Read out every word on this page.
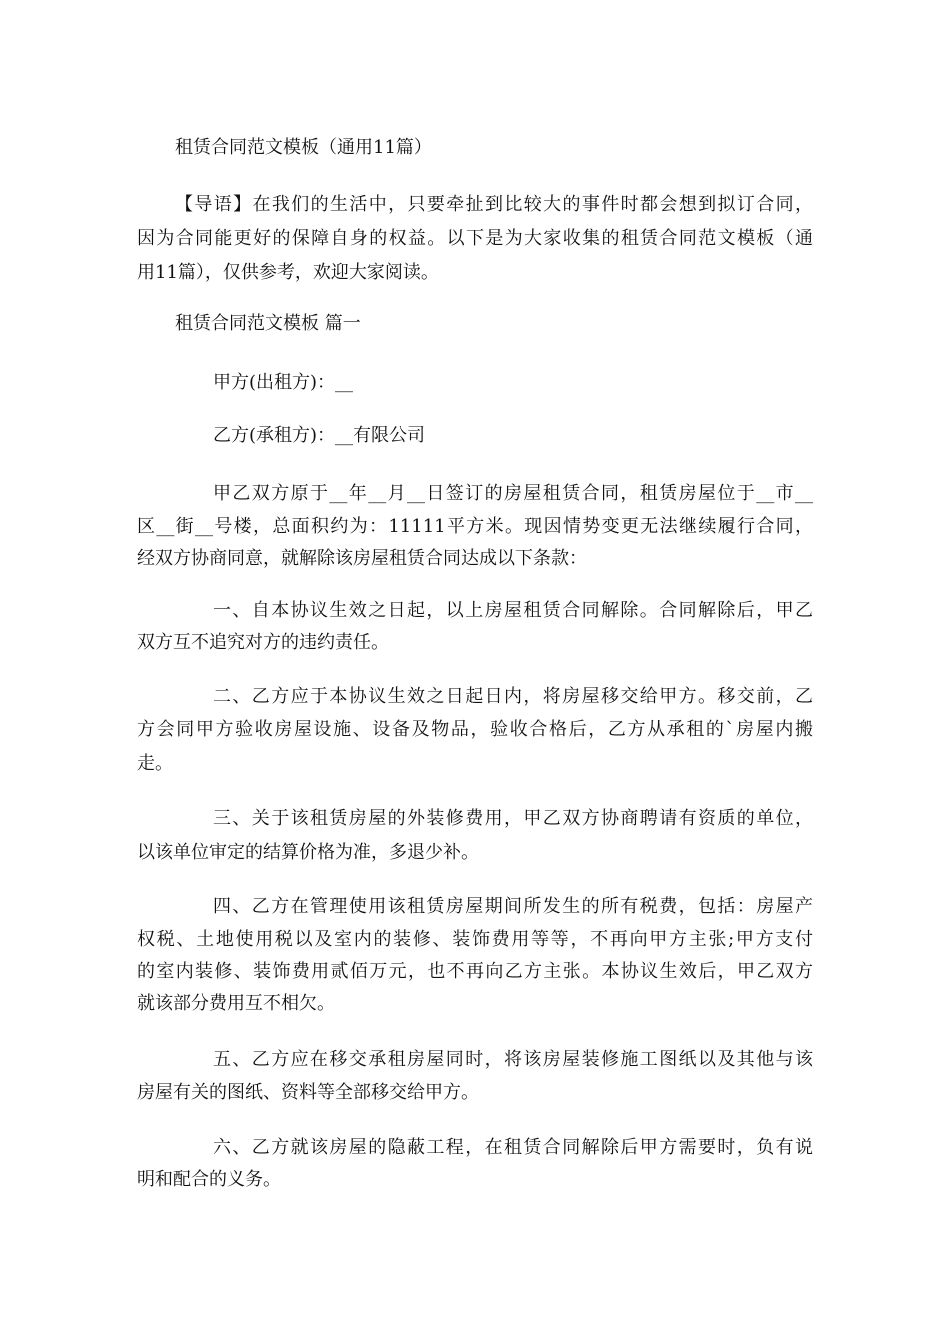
租赁合同范文模板（通用11篇）
【导语】在我们的生活中，只要牵扯到比较大的事件时都会想到拟订合同，
因为合同能更好的保障自身的权益。以下是为大家收集的租赁合同范文模板（通
用11篇），仅供参考，欢迎大家阅读。
租赁合同范文模板 篇一
甲方(出租方)：__
乙方(承租方)：__有限公司
甲乙双方原于__年__月__日签订的房屋租赁合同，租赁房屋位于__市__
区__街__号楼，总面积约为：11111平方米。现因情势变更无法继续履行合同，
经双方协商同意，就解除该房屋租赁合同达成以下条款：
一、自本协议生效之日起，以上房屋租赁合同解除。合同解除后，甲乙
双方互不追究对方的违约责任。
二、乙方应于本协议生效之日起日内，将房屋移交给甲方。移交前，乙
方会同甲方验收房屋设施、设备及物品，验收合格后，乙方从承租的`房屋内搬
走。
三、关于该租赁房屋的外装修费用，甲乙双方协商聘请有资质的单位，
以该单位审定的结算价格为准，多退少补。
四、乙方在管理使用该租赁房屋期间所发生的所有税费，包括：房屋产
权税、土地使用税以及室内的装修、装饰费用等等，不再向甲方主张;甲方支付
的室内装修、装饰费用贰佰万元，也不再向乙方主张。本协议生效后，甲乙双方
就该部分费用互不相欠。
五、乙方应在移交承租房屋同时，将该房屋装修施工图纸以及其他与该
房屋有关的图纸、资料等全部移交给甲方。
六、乙方就该房屋的隐蔽工程，在租赁合同解除后甲方需要时，负有说
明和配合的义务。
